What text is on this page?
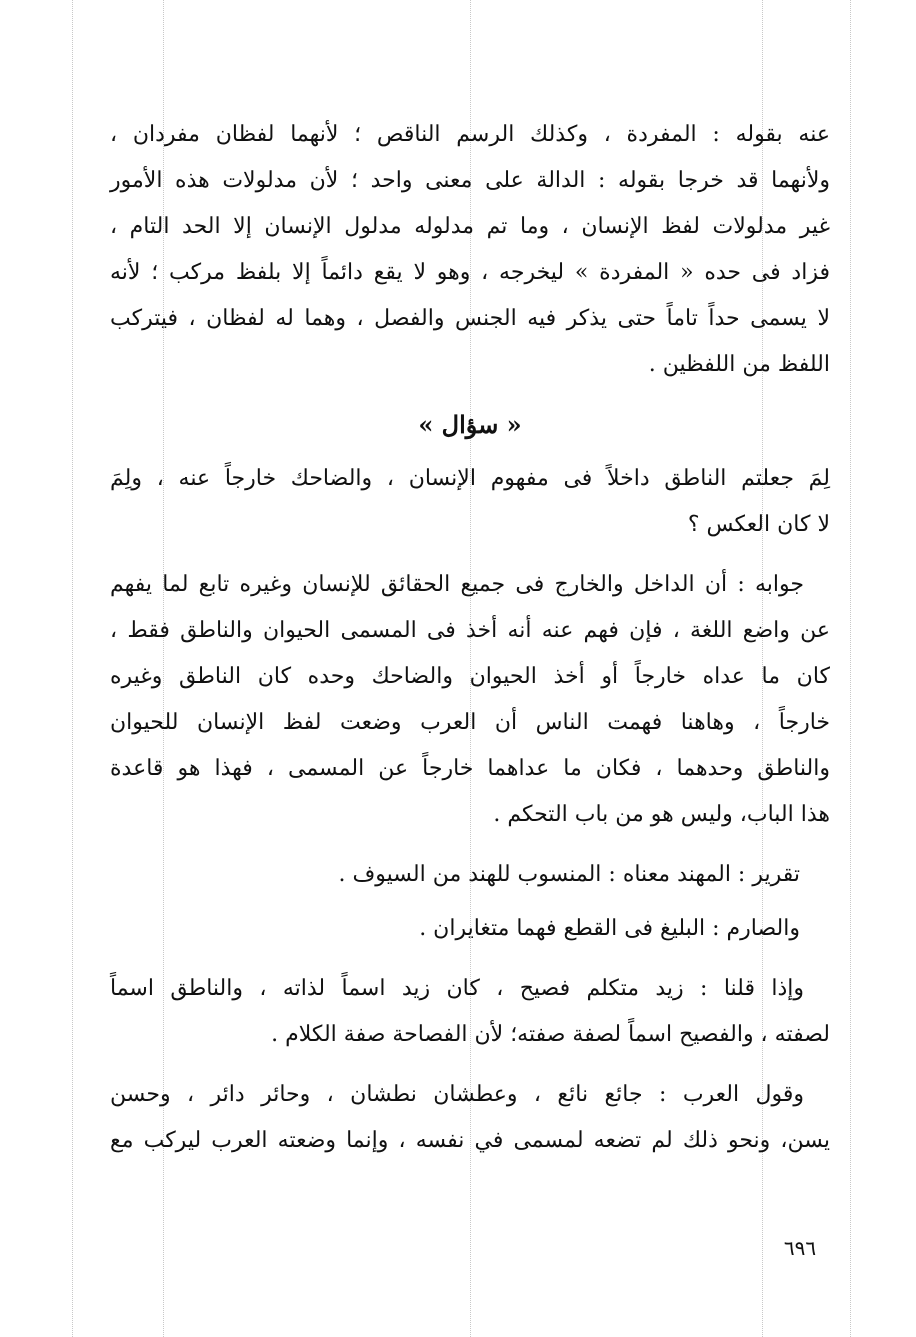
عنه بقوله : المفردة ، وكذلك الرسم الناقص ؛ لأنهما لفظان مفردان ،
ولأنهما قد خرجا بقوله : الدالة على معنى واحد ؛ لأن مدلولات هذه الأمور
غير مدلولات لفظ الإنسان ، وما تم مدلوله مدلول الإنسان إلا الحد التام ،
فزاد فى حده « المفردة » ليخرجه ، وهو لا يقع دائماً إلا بلفظ مركب ؛ لأنه
لا يسمى حداً تاماً حتى يذكر فيه الجنس والفصل ، وهما له لفظان ، فيتركب
اللفظ من اللفظين .
« سؤال »
لِمَ جعلتم الناطق داخلاً فى مفهوم الإنسان ، والضاحك خارجاً عنه ، ولِمَ
لا كان العكس ؟
جوابه : أن الداخل والخارج فى جميع الحقائق للإنسان وغيره تابع لما يفهم
عن واضع اللغة ، فإن فهم عنه أنه أخذ فى المسمى الحيوان والناطق فقط ،
كان ما عداه خارجاً أو أخذ الحيوان والضاحك وحده كان الناطق وغيره
خارجاً ، وهاهنا فهمت الناس أن العرب وضعت لفظ الإنسان للحيوان
والناطق وحدهما ، فكان ما عداهما خارجاً عن المسمى ، فهذا هو قاعدة
هذا الباب، وليس هو من باب التحكم .
تقرير : المهند معناه : المنسوب للهند من السيوف .
والصارم : البليغ فى القطع فهما متغايران .
وإذا قلنا : زيد متكلم فصيح ، كان زيد اسماً لذاته ، والناطق اسماً
لصفته ، والفصيح اسماً لصفة صفته؛ لأن الفصاحة صفة الكلام .
وقول العرب : جائع نائع ، وعطشان نطشان ، وحائر دائر ، وحسن
يسن، ونحو ذلك لم تضعه لمسمى في نفسه ، وإنما وضعته العرب ليركب مع
٦٩٦
